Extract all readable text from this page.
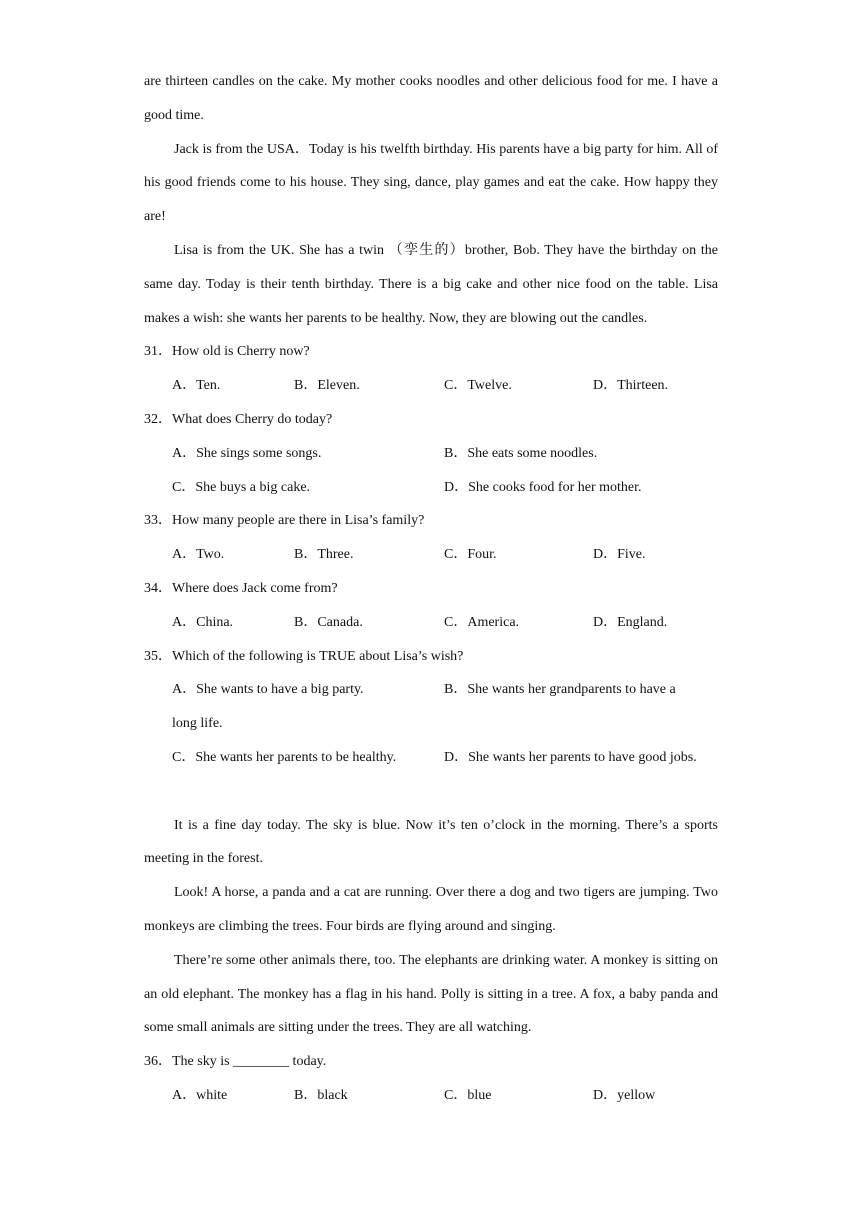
are thirteen candles on the cake. My mother cooks noodles and other delicious food for me. I have a good time.

Jack is from the USA．Today is his twelfth birthday. His parents have a big party for him. All of his good friends come to his house. They sing, dance, play games and eat the cake. How happy they are!

Lisa is from the UK. She has a twin （孪生的）brother, Bob. They have the birthday on the same day. Today is their tenth birthday. There is a big cake and other nice food on the table. Lisa makes a wish: she wants her parents to be healthy. Now, they are blowing out the candles.

31．How old is Cherry now?

A．Ten.	B．Eleven.	C．Twelve.	D．Thirteen.

32．What does Cherry do today?

A．She sings some songs.	B．She eats some noodles.
C．She buys a big cake.	D．She cooks food for her mother.

33．How many people are there in Lisa’s family?

A．Two.	B．Three.	C．Four.	D．Five.

34．Where does Jack come from?

A．China.	B．Canada.	C．America.	D．England.

35．Which of the following is TRUE about Lisa’s wish?

A．She wants to have a big party.	B．She wants her grandparents to have a

long life.

C．She wants her parents to be healthy.	D．She wants her parents to have good jobs.

It is a fine day today. The sky is blue. Now it’s ten o’clock in the morning. There’s a sports meeting in the forest.

Look! A horse, a panda and a cat are running. Over there a dog and two tigers are jumping. Two monkeys are climbing the trees. Four birds are flying around and singing.

There’re some other animals there, too. The elephants are drinking water. A monkey is sitting on an old elephant. The monkey has a flag in his hand. Polly is sitting in a tree. A fox, a baby panda and some small animals are sitting under the trees. They are all watching.

36．The sky is ________ today.

A．white	B．black	C．blue	D．yellow
